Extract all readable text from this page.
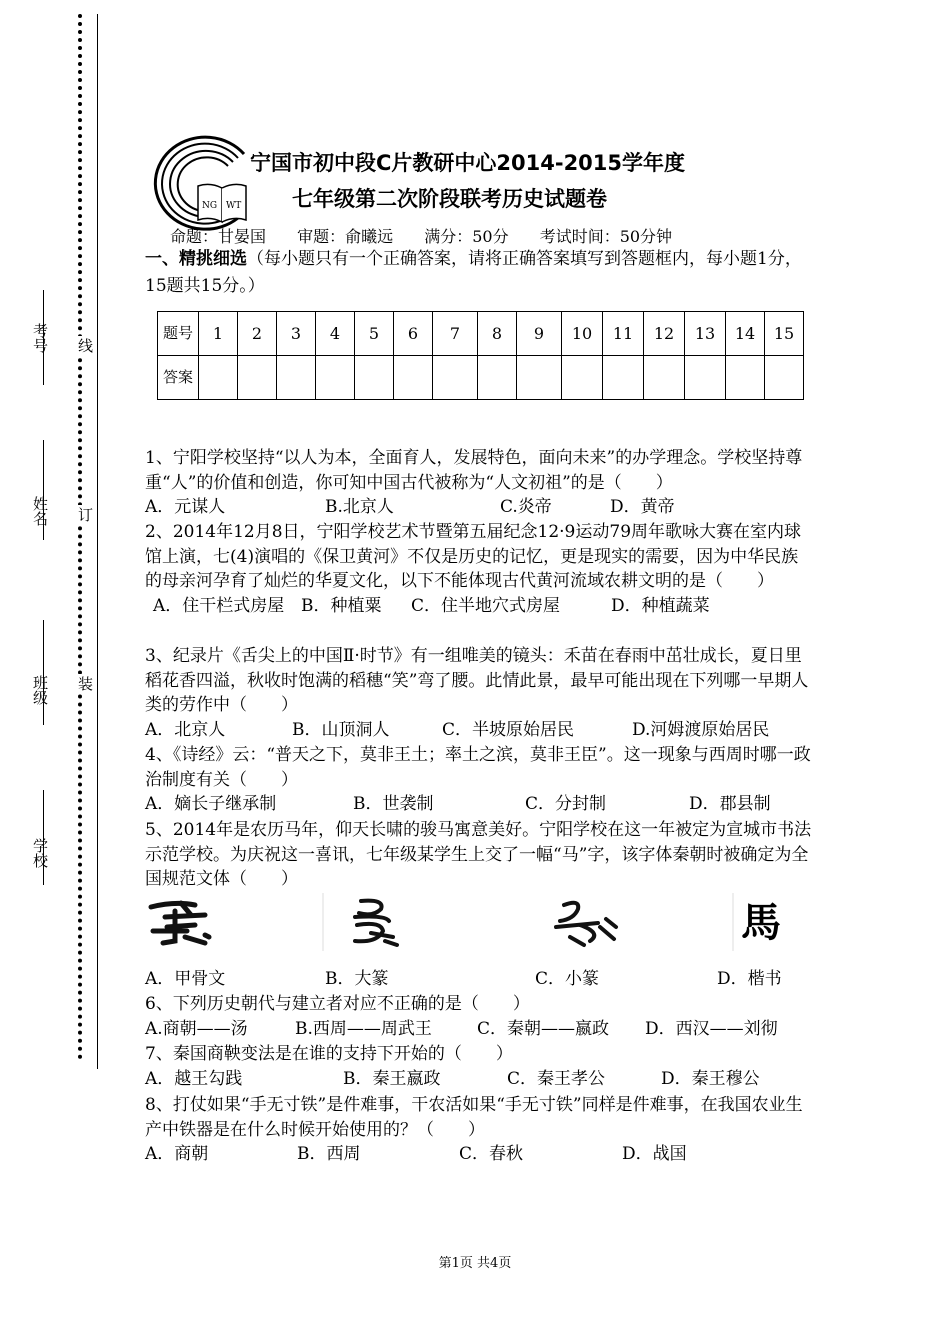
考号
姓名
班级
学校
线
订
装
NG WT
宁国市初中段C片教研中心2014-2015学年度
七年级第二次阶段联考历史试题卷
命题：甘晏国 审题：俞曦远 满分：50分 考试时间：50分钟
一、精挑细选（每小题只有一个正确答案，请将正确答案填写到答题框内，每小题1分，15题共15分。）
题号	1	2	3	4	5	6	7	8	9	10	11	12	13	14	15
答案															
1、宁阳学校坚持“以人为本，全面育人，发展特色，面向未来”的办学理念。学校坚持尊重“人”的价值和创造，你可知中国古代被称为“人文初祖”的是（　　）
A．元谋人	B.北京人	C.炎帝	D．黄帝
2、2014年12月8日，宁阳学校艺术节暨第五届纪念12·9运动79周年歌咏大赛在室内球馆上演，七(4)演唱的《保卫黄河》不仅是历史的记忆，更是现实的需要，因为中华民族的母亲河孕育了灿烂的华夏文化，以下不能体现古代黄河流域农耕文明的是（　　）
A．住干栏式房屋 B．种植粟	C．住半地穴式房屋	D．种植蔬菜
3、纪录片《舌尖上的中国Ⅱ·时节》有一组唯美的镜头：禾苗在春雨中茁壮成长，夏日里稻花香四溢，秋收时饱满的稻穗“笑”弯了腰。此情此景，最早可能出现在下列哪一早期人类的劳作中（　　）
A．北京人	B．山顶洞人	C．半坡原始居民	D.河姆渡原始居民
4、《诗经》云：“普天之下，莫非王土；率土之滨，莫非王臣”。这一现象与西周时哪一政治制度有关（　　）
A．嫡长子继承制	B．世袭制	C．分封制	D．郡县制
5、2014年是农历马年，仰天长啸的骏马寓意美好。宁阳学校在这一年被定为宣城市书法示范学校。为庆祝这一喜讯，七年级某学生上交了一幅“马”字，该字体秦朝时被确定为全国规范文体（　　）
馬
A．甲骨文	B．大篆	C．小篆	D．楷书
6、下列历史朝代与建立者对应不正确的是（　　）
A.商朝——汤	B.西周——周武王	C．秦朝——嬴政	D．西汉——刘彻
7、秦国商鞅变法是在谁的支持下开始的（　　）
A．越王勾践	B．秦王嬴政	C．秦王孝公	D．秦王穆公
8、打仗如果“手无寸铁”是件难事，干农活如果“手无寸铁”同样是件难事，在我国农业生产中铁器是在什么时候开始使用的？（　　）
A．商朝	B．西周	C．春秋	D．战国
第1页 共4页
